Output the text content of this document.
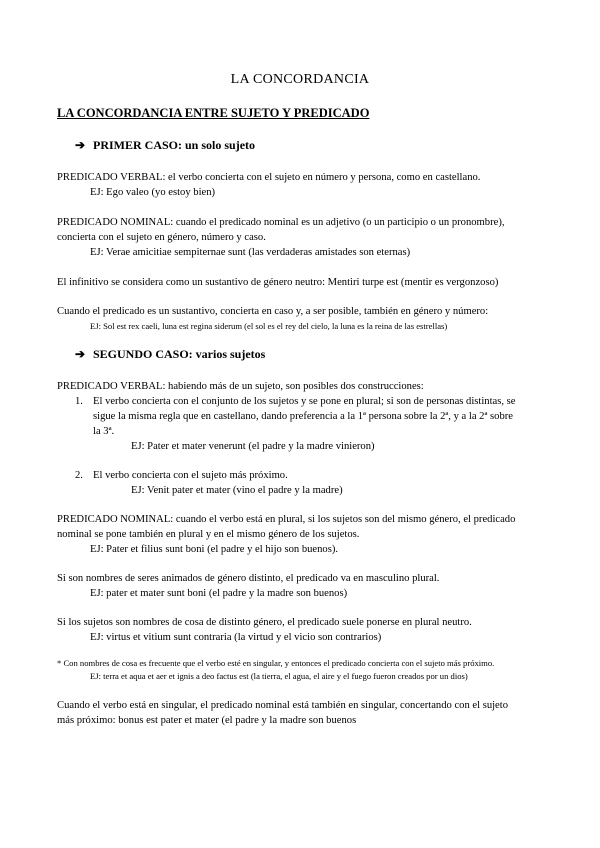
LA CONCORDANCIA
LA CONCORDANCIA ENTRE SUJETO Y PREDICADO
➔ PRIMER CASO: un solo sujeto
PREDICADO VERBAL: el verbo concierta con el sujeto en número y persona, como en castellano.
EJ: Ego valeo (yo estoy bien)
PREDICADO NOMINAL: cuando el predicado nominal es un adjetivo (o un participio o un pronombre),
concierta con el sujeto en género, número y caso.
EJ: Verae amicitiae sempiternae sunt (las verdaderas amistades son eternas)
El infinitivo se considera como un sustantivo de género neutro: Mentiri turpe est (mentir es vergonzoso)
Cuando el predicado es un sustantivo, concierta en caso y, a ser posible, también en género y número:
EJ: Sol est rex caeli, luna est regina siderum (el sol es el rey del cielo, la luna es la reina de las estrellas)
➔ SEGUNDO CASO: varios sujetos
PREDICADO VERBAL: habiendo más de un sujeto, son posibles dos construcciones:
1. El verbo concierta con el conjunto de los sujetos y se pone en plural; si son de personas distintas, se
sigue la misma regla que en castellano, dando preferencia a la 1ª persona sobre la 2ª, y a la 2ª sobre
la 3ª.
EJ: Pater et mater venerunt (el padre y la madre vinieron)
2. El verbo concierta con el sujeto más próximo.
EJ: Venit pater et mater (vino el padre y la madre)
PREDICADO NOMINAL: cuando el verbo está en plural, si los sujetos son del mismo género, el predicado
nominal se pone también en plural y en el mismo género de los sujetos.
EJ: Pater et filius sunt boni (el padre y el hijo son buenos).
Si son nombres de seres animados de género distinto, el predicado va en masculino plural.
EJ: pater et mater sunt boni (el padre y la madre son buenos)
Si los sujetos son nombres de cosa de distinto género, el predicado suele ponerse en plural neutro.
EJ: virtus et vitium sunt contraria (la virtud y el vicio son contrarios)
* Con nombres de cosa es frecuente que el verbo esté en singular, y entonces el predicado concierta con el sujeto más próximo.
EJ: terra et aqua et aer et ignis a deo factus est (la tierra, el agua, el aire y el fuego fueron creados por un dios)
Cuando el verbo está en singular, el predicado nominal está también en singular, concertando con el sujeto
más próximo: bonus est pater et mater (el padre y la madre son buenos
